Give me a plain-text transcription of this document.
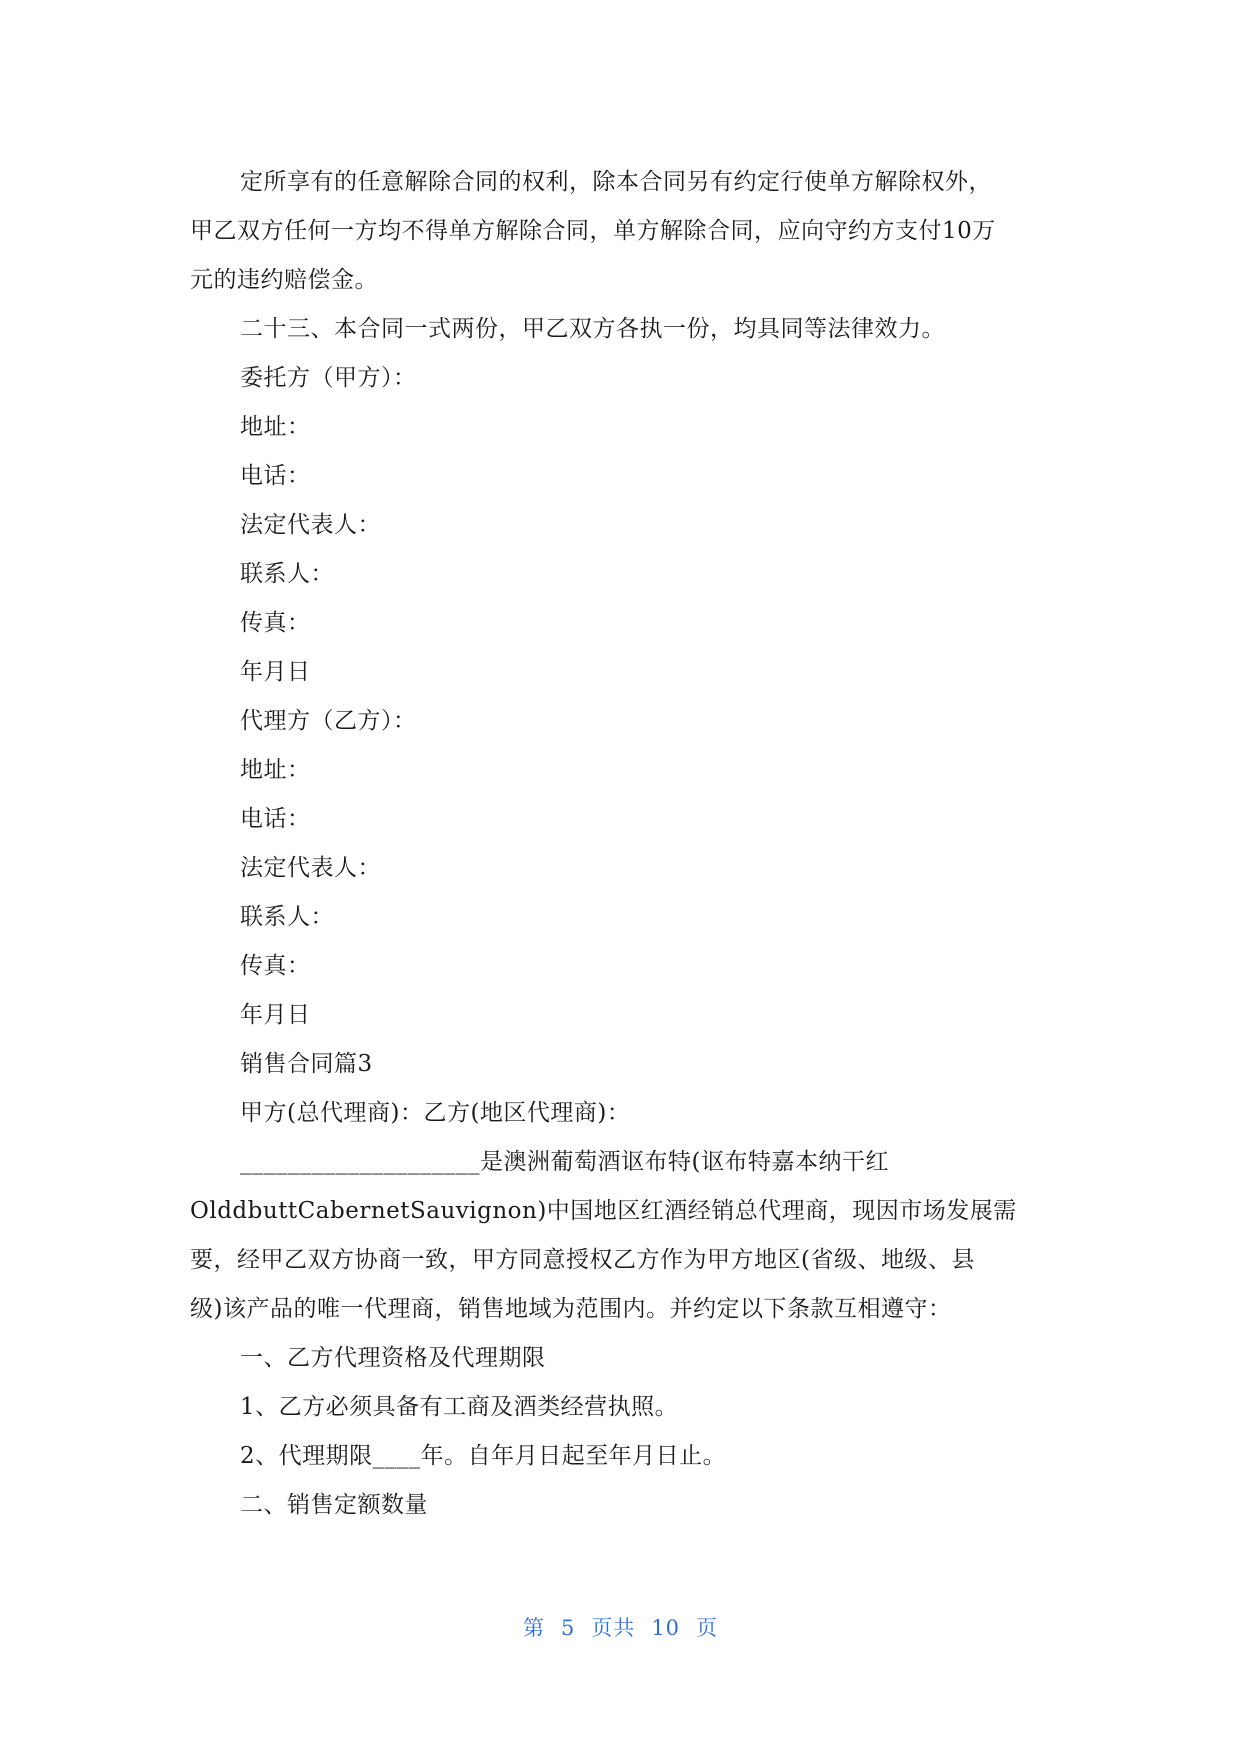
定所享有的任意解除合同的权利，除本合同另有约定行使单方解除权外，

甲乙双方任何一方均不得单方解除合同，单方解除合同，应向守约方支付10万

元的违约赔偿金。

二十三、本合同一式两份，甲乙双方各执一份，均具同等法律效力。

委托方（甲方）：

地址：

电话：

法定代表人：

联系人：

传真：

年月日

代理方（乙方）：

地址：

电话：

法定代表人：

联系人：

传真：

年月日

销售合同篇3

甲方(总代理商)：乙方(地区代理商)：

____________________是澳洲葡萄酒讴布特(讴布特嘉本纳干红

OlddbuttCabernetSauvignon)中国地区红酒经销总代理商，现因市场发展需

要，经甲乙双方协商一致，甲方同意授权乙方作为甲方地区(省级、地级、县

级)该产品的唯一代理商，销售地域为范围内。并约定以下条款互相遵守：

一、乙方代理资格及代理期限

1、乙方必须具备有工商及酒类经营执照。

2、代理期限____年。自年月日起至年月日止。

二、销售定额数量

第 5 页共 10 页
